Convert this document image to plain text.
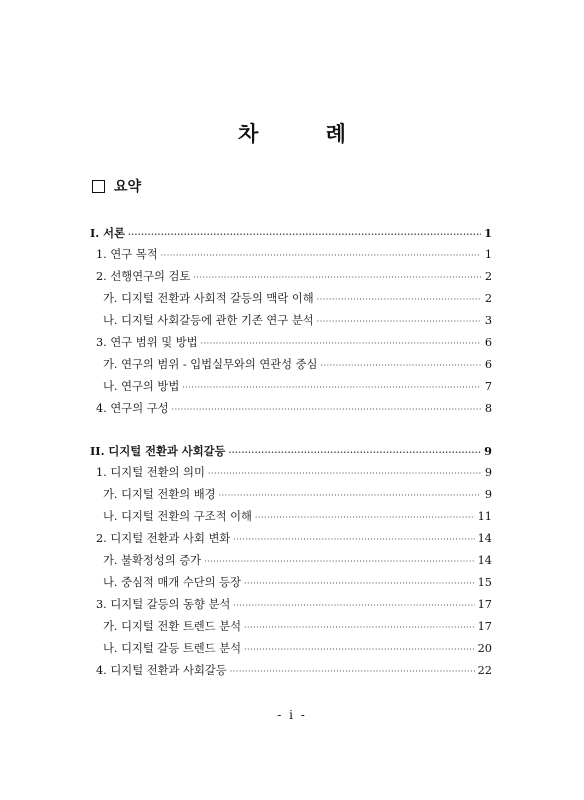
차 례
요약
I. 서론 ·····	1
1. 연구 목적 ·····	1
2. 선행연구의 검토 ·····	2
가. 디지털 전환과 사회적 갈등의 맥락 이해 ·····	2
나. 디지털 사회갈등에 관한 기존 연구 분석 ·····	3
3. 연구 범위 및 방법 ·····	6
가. 연구의 범위 - 입법실무와의 연관성 중심 ·····	6
나. 연구의 방법 ·····	7
4. 연구의 구성 ·····	8
II. 디지털 전환과 사회갈등 ·····	9
1. 디지털 전환의 의미 ·····	9
가. 디지털 전환의 배경 ·····	9
나. 디지털 전환의 구조적 이해 ·····	11
2. 디지털 전환과 사회 변화 ·····	14
가. 불확정성의 증가 ·····	14
나. 중심적 매개 수단의 등장 ·····	15
3. 디지털 갈등의 동향 분석 ·····	17
가. 디지털 전환 트렌드 분석 ·····	17
나. 디지털 갈등 트렌드 분석 ·····	20
4. 디지털 전환과 사회갈등 ·····	22
- i -
